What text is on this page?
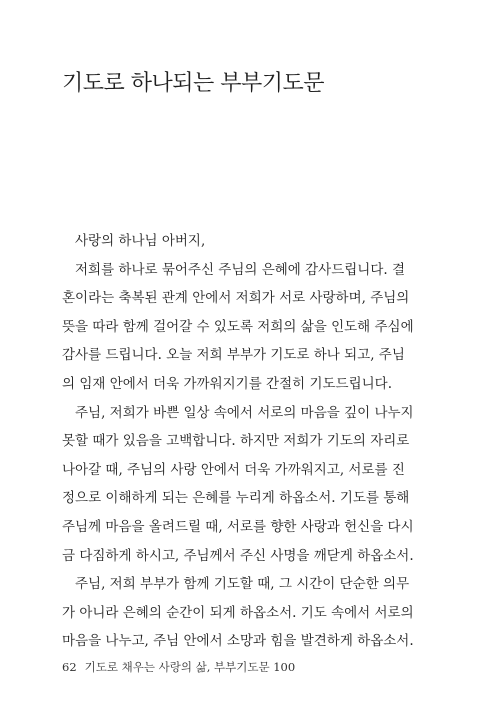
기도로 하나되는 부부기도문
사랑의 하나님 아버지,
저희를 하나로 묶어주신 주님의 은혜에 감사드립니다. 결
혼이라는 축복된 관계 안에서 저희가 서로 사랑하며, 주님의
뜻을 따라 함께 걸어갈 수 있도록 저희의 삶을 인도해 주심에
감사를 드립니다. 오늘 저희 부부가 기도로 하나 되고, 주님
의 임재 안에서 더욱 가까워지기를 간절히 기도드립니다.
주님, 저희가 바쁜 일상 속에서 서로의 마음을 깊이 나누지
못할 때가 있음을 고백합니다. 하지만 저희가 기도의 자리로
나아갈 때, 주님의 사랑 안에서 더욱 가까워지고, 서로를 진
정으로 이해하게 되는 은혜를 누리게 하옵소서. 기도를 통해
주님께 마음을 올려드릴 때, 서로를 향한 사랑과 헌신을 다시
금 다짐하게 하시고, 주님께서 주신 사명을 깨닫게 하옵소서.
주님, 저희 부부가 함께 기도할 때, 그 시간이 단순한 의무
가 아니라 은혜의 순간이 되게 하옵소서. 기도 속에서 서로의
마음을 나누고, 주님 안에서 소망과 힘을 발견하게 하옵소서.
62 기도로 채우는 사랑의 삶, 부부기도문 100
